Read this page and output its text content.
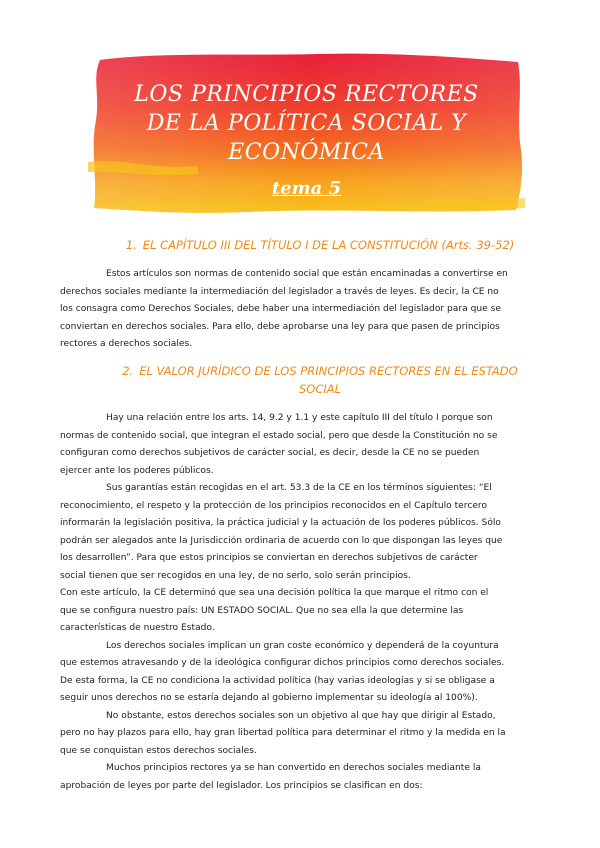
LOS PRINCIPIOS RECTORES
DE LA POLÍTICA SOCIAL Y
ECONÓMICA
tema 5
1. EL CAPÍTULO III DEL TÍTULO I DE LA CONSTITUCIÓN (Arts. 39-52)
Estos artículos son normas de contenido social que están encaminadas a convertirse en
derechos sociales mediante la intermediación del legislador a través de leyes. Es decir, la CE no
los consagra como Derechos Sociales, debe haber una intermediación del legislador para que se
conviertan en derechos sociales. Para ello, debe aprobarse una ley para que pasen de principios
rectores a derechos sociales.
2. EL VALOR JURÍDICO DE LOS PRINCIPIOS RECTORES EN EL ESTADO
SOCIAL
Hay una relación entre los arts. 14, 9.2 y 1.1 y este capítulo III del título I porque son
normas de contenido social, que integran el estado social, pero que desde la Constitución no se
configuran como derechos subjetivos de carácter social, es decir, desde la CE no se pueden
ejercer ante los poderes públicos.
Sus garantías están recogidas en el art. 53.3 de la CE en los términos siguientes: “El
reconocimiento, el respeto y la protección de los principios reconocidos en el Capítulo tercero
informarán la legislación positiva, la práctica judicial y la actuación de los poderes públicos. Sólo
podrán ser alegados ante la Jurisdicción ordinaria de acuerdo con lo que dispongan las leyes que
los desarrollen”. Para que estos principios se conviertan en derechos subjetivos de carácter
social tienen que ser recogidos en una ley, de no serlo, solo serán principios.
Con este artículo, la CE determinó que sea una decisión política la que marque el ritmo con el
que se configura nuestro país: UN ESTADO SOCIAL. Que no sea ella la que determine las
características de nuestro Estado.
Los derechos sociales implican un gran coste económico y dependerá de la coyuntura
que estemos atravesando y de la ideológica configurar dichos principios como derechos sociales.
De esta forma, la CE no condiciona la actividad política (hay varias ideologías y si se obligase a
seguir unos derechos no se estaría dejando al gobierno implementar su ideología al 100%).
No obstante, estos derechos sociales son un objetivo al que hay que dirigir al Estado,
pero no hay plazos para ello, hay gran libertad política para determinar el ritmo y la medida en la
que se conquistan estos derechos sociales.
Muchos principios rectores ya se han convertido en derechos sociales mediante la
aprobación de leyes por parte del legislador. Los principios se clasifican en dos:
